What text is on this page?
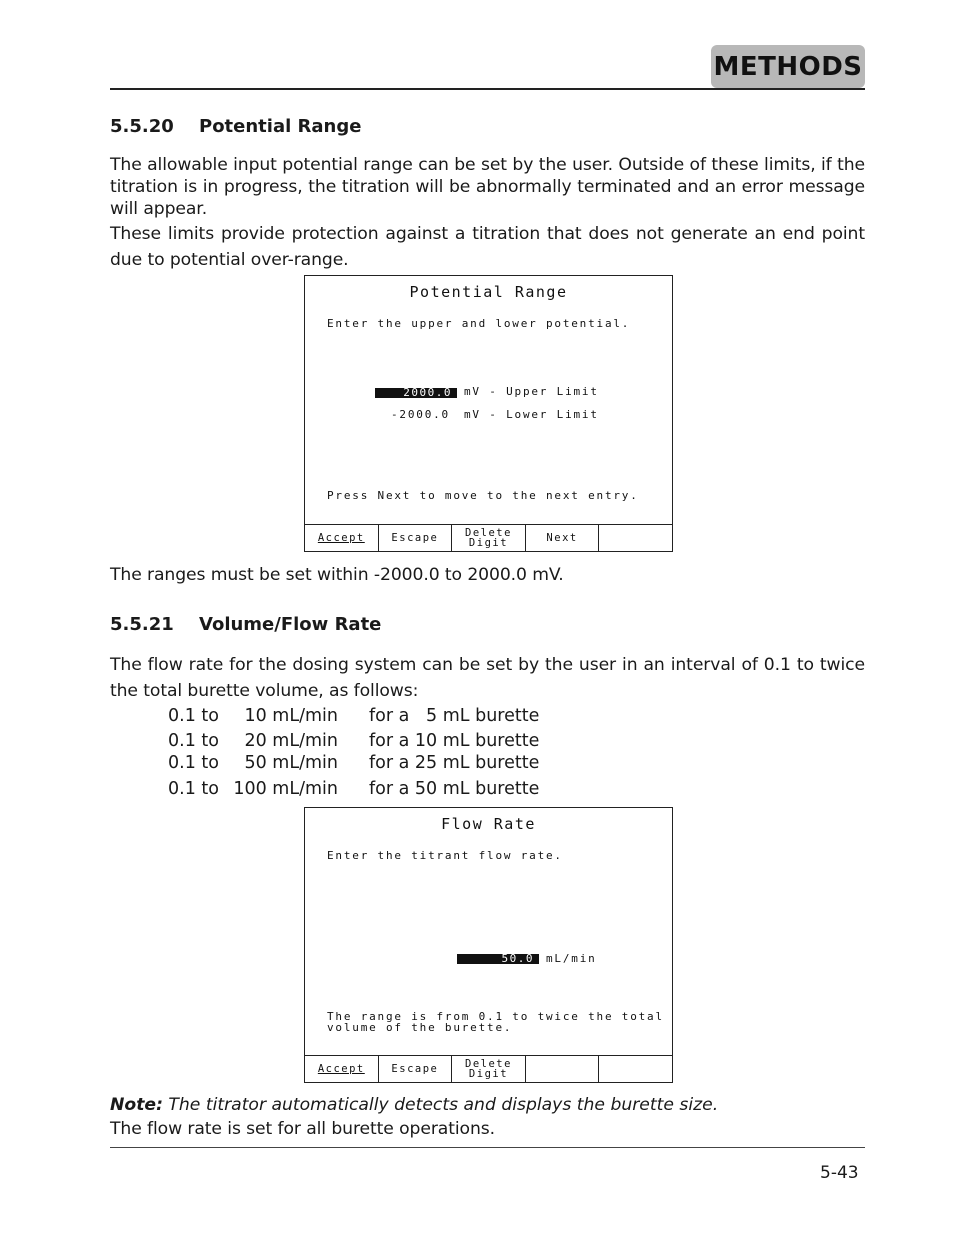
METHODS
5.5.20 Potential Range
The allowable input potential range can be set by the user. Outside of these limits, if the titration is in progress, the titration will be abnormally terminated and an error message will appear.
These limits provide protection against a titration that does not generate an end point due to potential over-range.
Potential Range
Enter the upper and lower potential.
2000.0	mV - Upper Limit
-2000.0 mV - Lower Limit
Press Next to move to the next entry.
Accept	Escape	Delete
Digit	Next
The ranges must be set within -2000.0 to 2000.0 mV.
5.5.21 Volume/Flow Rate
The flow rate for the dosing system can be set by the user in an interval of 0.1 to twice the total burette volume, as follows:
0.1 to	10 mL/min for a   5 mL burette
0.1 to	20 mL/min for a 10 mL burette
0.1 to	50 mL/min for a 25 mL burette
0.1 to 100 mL/min for a 50 mL burette
Flow Rate
Enter the titrant flow rate.
50.0	mL/min
The range is from 0.1 to twice the total
volume of the burette.
Accept	Escape	Delete
Digit
Note: The titrator automatically detects and displays the burette size.
The flow rate is set for all burette operations.
5-43
